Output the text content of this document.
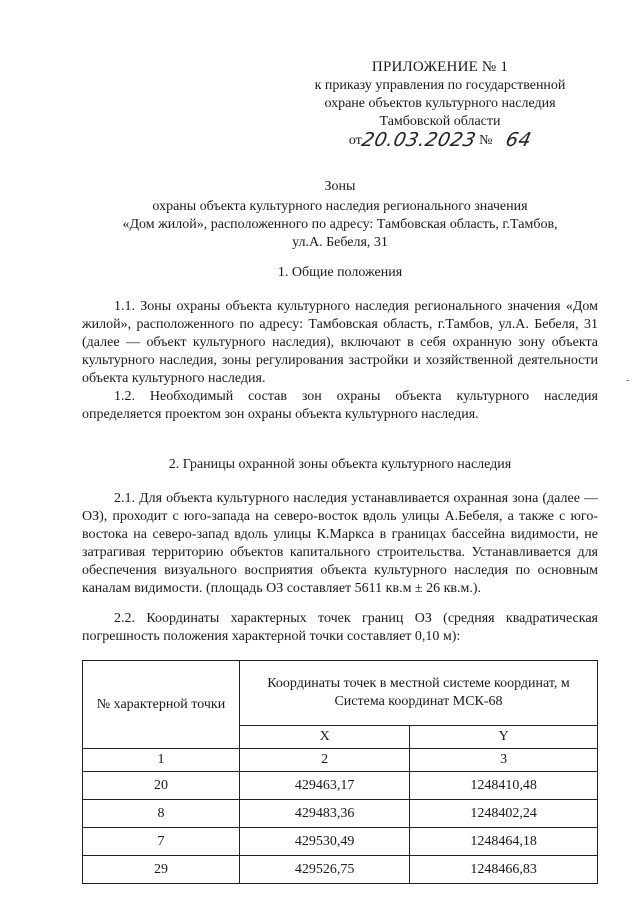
ПРИЛОЖЕНИЕ № 1
к приказу управления по государственной
охране объектов культурного наследия
Тамбовской области
от20.03.2023 № 64
Зоны
охраны объекта культурного наследия регионального значения
«Дом жилой», расположенного по адресу: Тамбовская область, г.Тамбов,
ул.А. Бебеля, 31
1. Общие положения
1.1. Зоны охраны объекта культурного наследия регионального значения «Дом жилой», расположенного по адресу: Тамбовская область, г.Тамбов, ул.А. Бебеля, 31 (далее — объект культурного наследия), включают в себя охранную зону объекта культурного наследия, зоны регулирования застройки и хозяйственной деятельности объекта культурного наследия.
1.2. Необходимый состав зон охраны объекта культурного наследия определяется проектом зон охраны объекта культурного наследия.
2. Границы охранной зоны объекта культурного наследия
2.1. Для объекта культурного наследия устанавливается охранная зона (далее — ОЗ), проходит с юго-запада на северо-восток вдоль улицы А.Бебеля, а также с юго-востока на северо-запад вдоль улицы К.Маркса в границах бассейна видимости, не затрагивая территорию объектов капитального строительства. Устанавливается для обеспечения визуального восприятия объекта культурного наследия по основным каналам видимости. (площадь ОЗ составляет 5611 кв.м ± 26 кв.м.).
2.2. Координаты характерных точек границ ОЗ (средняя квадратическая погрешность положения характерной точки составляет 0,10 м):
№ характерной точки	Координаты точек в местной системе координат, м Система координат МСК-68	
	X	Y
1	2	3
20	429463,17	1248410,48
8	429483,36	1248402,24
7	429530,49	1248464,18
29	429526,75	1248466,83
-
